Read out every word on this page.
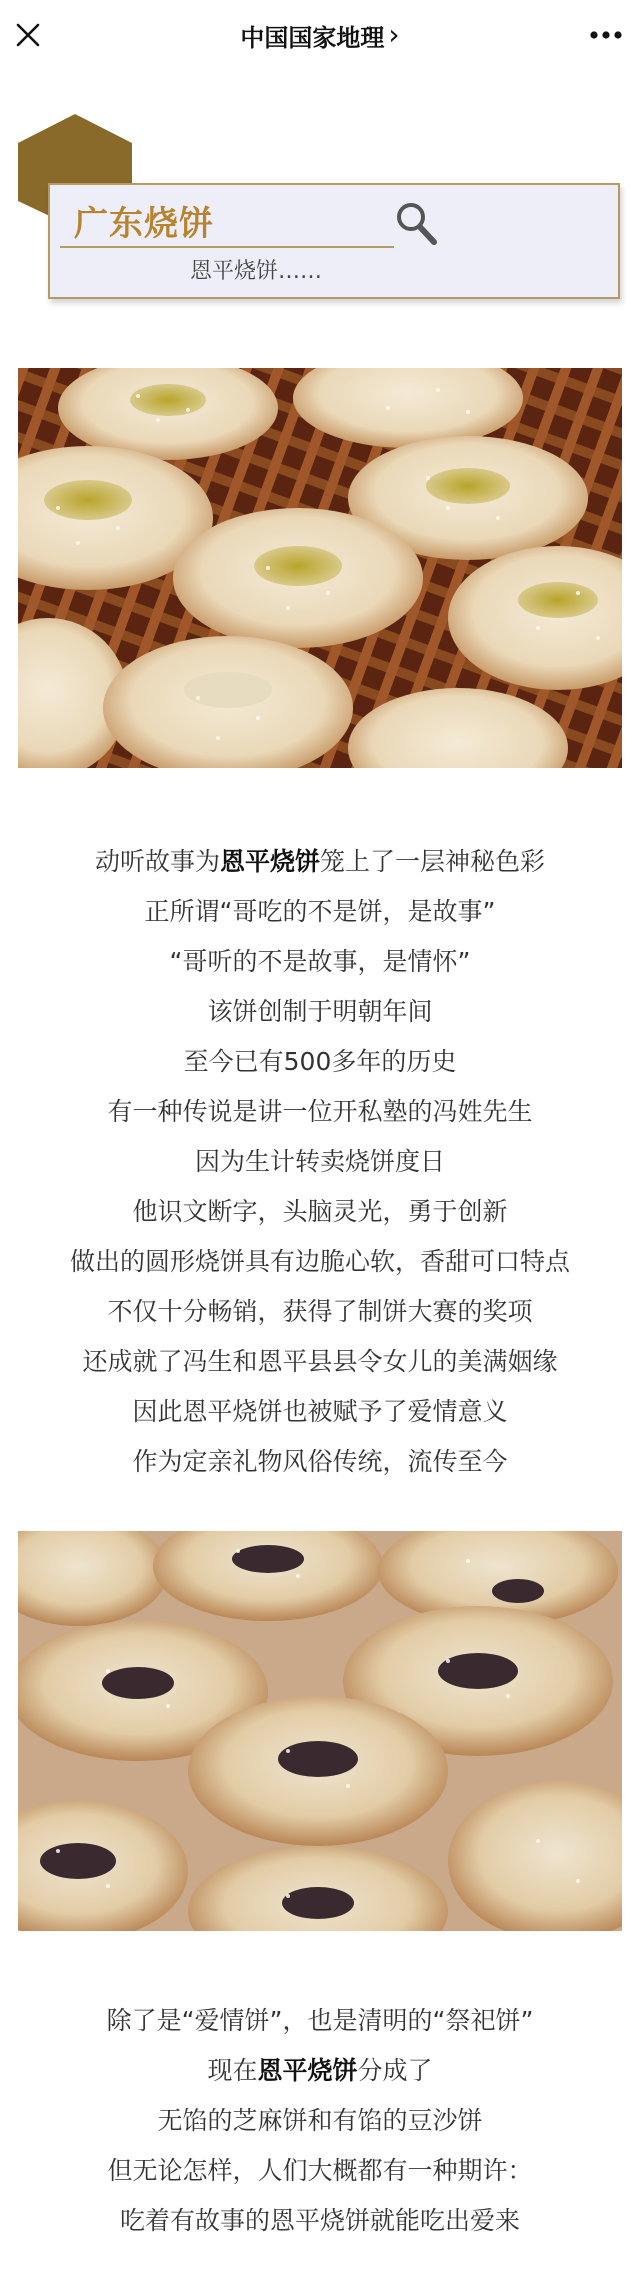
中国国家地理 ›
广东烧饼
恩平烧饼……

动听故事为恩平烧饼笼上了一层神秘色彩

正所谓“哥吃的不是饼，是故事”

“哥听的不是故事，是情怀”

该饼创制于明朝年间

至今已有500多年的历史

有一种传说是讲一位开私塾的冯姓先生

因为生计转卖烧饼度日

他识文断字，头脑灵光，勇于创新

做出的圆形烧饼具有边脆心软，香甜可口特点

不仅十分畅销，获得了制饼大赛的奖项

还成就了冯生和恩平县县令女儿的美满姻缘

因此恩平烧饼也被赋予了爱情意义

作为定亲礼物风俗传统，流传至今

除了是“爱情饼”，也是清明的“祭祀饼”

现在恩平烧饼分成了

无馅的芝麻饼和有馅的豆沙饼

但无论怎样，人们大概都有一种期许：

吃着有故事的恩平烧饼就能吃出爱来
